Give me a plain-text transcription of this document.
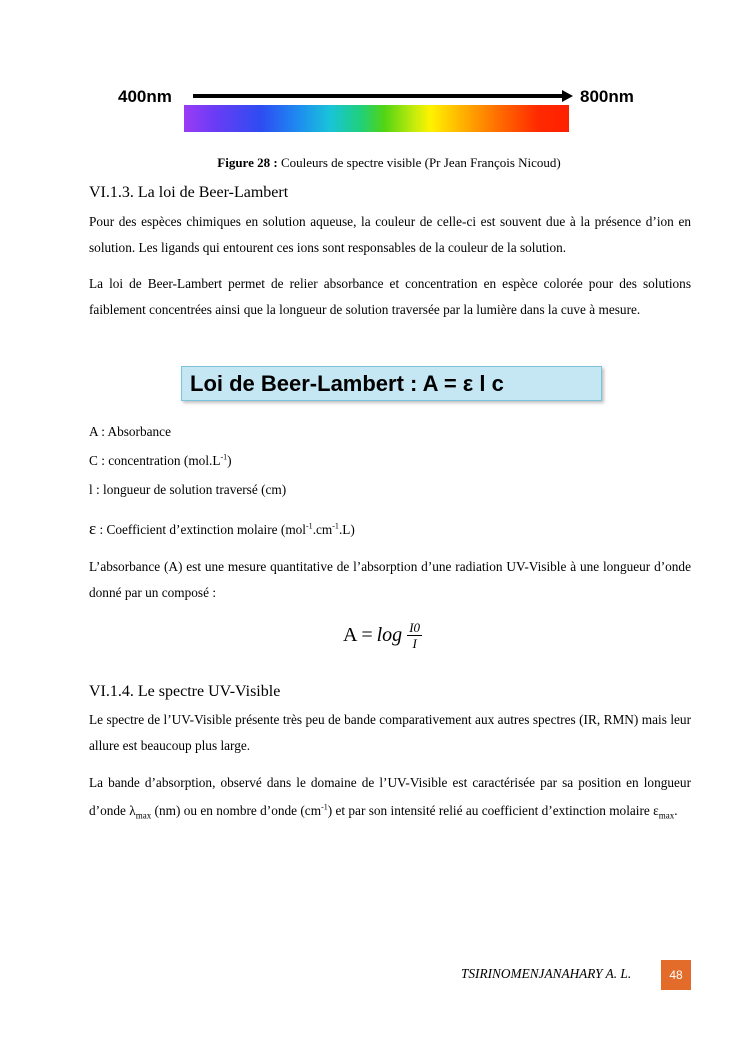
400nm	800nm
Figure 28 : Couleurs de spectre visible (Pr Jean François Nicoud)
VI.1.3. La loi de Beer-Lambert
Pour des espèces chimiques en solution aqueuse, la couleur de celle-ci est souvent due à la présence d’ion en solution. Les ligands qui entourent ces ions sont responsables de la couleur de la solution.
La loi de Beer-Lambert permet de relier absorbance et concentration en espèce colorée pour des solutions faiblement concentrées ainsi que la longueur de solution traversée par la lumière dans la cuve à mesure.
Loi de Beer-Lambert : A = ε l c
A : Absorbance
C : concentration $(mol.L^{-1})$
l : longueur de solution traversé (cm)
ε : Coefficient d’extinction molaire $(mol^{-1}.cm^{-1}.L)$
L’absorbance (A) est une mesure quantitative de l’absorption d’une radiation UV-Visible à une longueur d’onde donné par un composé :
$A = \log \frac{I0}{I}$
VI.1.4. Le spectre UV-Visible
Le spectre de l’UV-Visible présente très peu de bande comparativement aux autres spectres (IR, RMN) mais leur allure est beaucoup plus large.
La bande d’absorption, observé dans le domaine de l’UV-Visible est caractérisée par sa position en longueur d’onde $\lambda_{max}$ (nm) ou en nombre d’onde $(cm^{-1})$ et par son intensité relié au coefficient d’extinction molaire $\varepsilon_{max}$.
TSIRINOMENJANAHARY A. L.	48
